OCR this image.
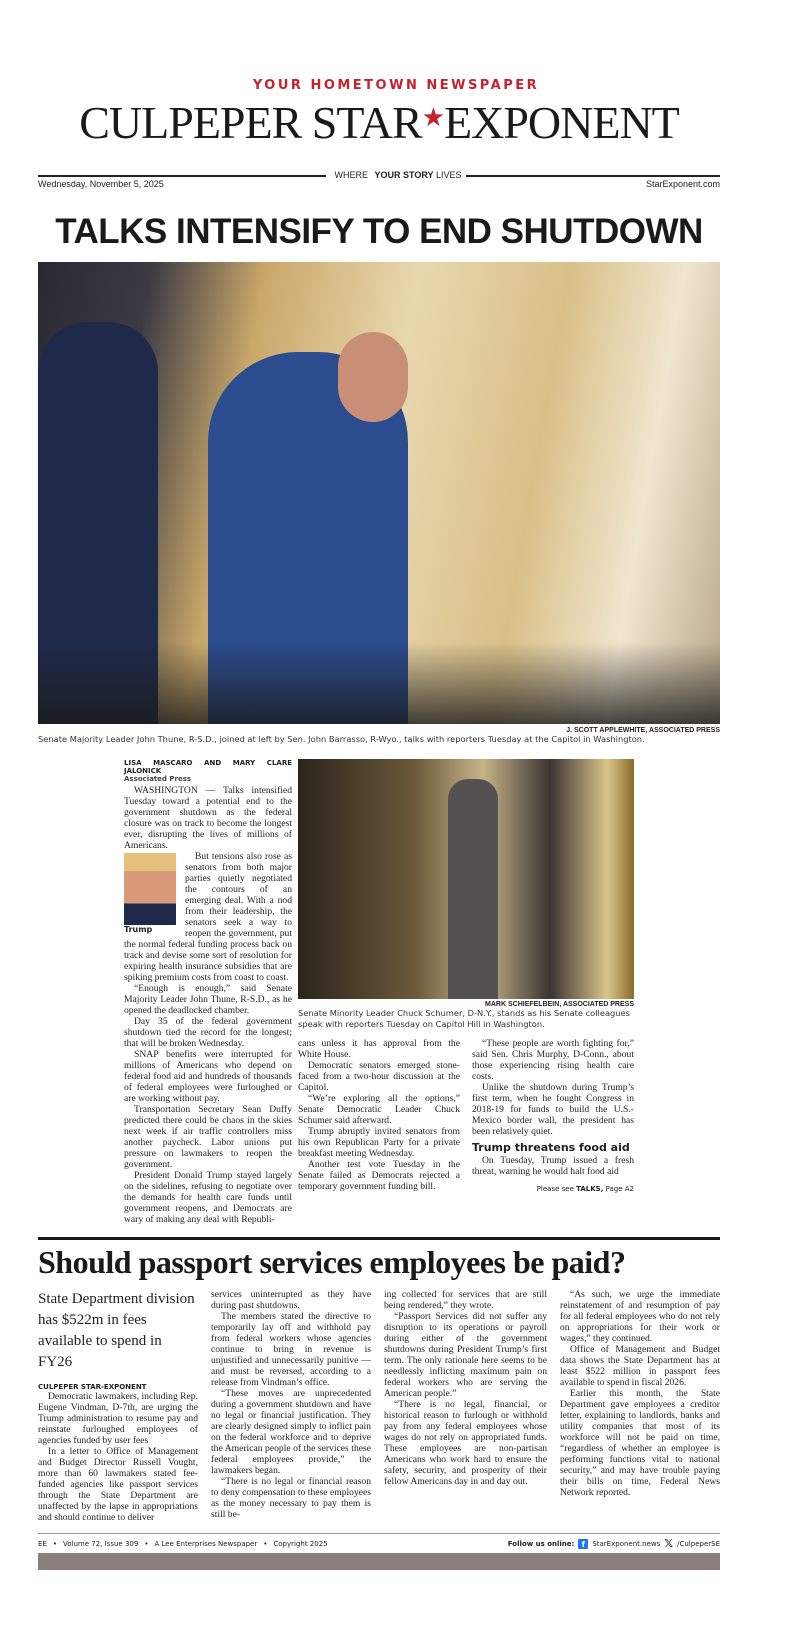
YOUR HOMETOWN NEWSPAPER
CULPEPER STAR★EXPONENT
WHERE YOUR STORY LIVES
Wednesday, November 5, 2025	StarExponent.com
TALKS INTENSIFY TO END SHUTDOWN
J. SCOTT APPLEWHITE, ASSOCIATED PRESS
Senate Majority Leader John Thune, R-S.D., joined at left by Sen. John Barrasso, R-Wyo., talks with reporters Tuesday at the Capitol in Washington.
LISA MASCARO AND MARY CLARE JALONICK
Associated Press

WASHINGTON — Talks intensified Tuesday toward a potential end to the government shutdown as the federal closure was on track to become the longest ever, disrupting the lives of millions of Americans.

Trump

But tensions also rose as senators from both major parties quietly negotiated the contours of an emerging deal. With a nod from their leadership, the senators seek a way to reopen the government, put the normal federal funding process back on track and devise some sort of resolution for expiring health insurance subsidies that are spiking premium costs from coast to coast.

“Enough is enough,” said Senate Majority Leader John Thune, R-S.D., as he opened the deadlocked chamber.

Day 35 of the federal government shutdown tied the record for the longest; that will be broken Wednesday.

SNAP benefits were interrupted for millions of Americans who depend on federal food aid and hundreds of thousands of federal employees were furloughed or are working without pay.

Transportation Secretary Sean Duffy predicted there could be chaos in the skies next week if air traffic controllers miss another paycheck. Labor unions put pressure on lawmakers to reopen the government.

President Donald Trump stayed largely on the sidelines, refusing to negotiate over the demands for health care funds until government reopens, and Democrats are wary of making any deal with Republi-

MARK SCHIEFELBEIN, ASSOCIATED PRESS
Senate Minority Leader Chuck Schumer, D-N.Y., stands as his Senate colleagues speak with reporters Tuesday on Capitol Hill in Washington.

cans unless it has approval from the White House.

Democratic senators emerged stone-faced from a two-hour discussion at the Capitol.

“We’re exploring all the options,” Senate Democratic Leader Chuck Schumer said afterward.

Trump abruptly invited senators from his own Republican Party for a private breakfast meeting Wednesday.

Another test vote Tuesday in the Senate failed as Democrats rejected a temporary government funding bill.

“These people are worth fighting for,” said Sen. Chris Murphy, D-Conn., about those experiencing rising health care costs.

Unlike the shutdown during Trump’s first term, when he fought Congress in 2018-19 for funds to build the U.S.-Mexico border wall, the president has been relatively quiet.

Trump threatens food aid

On Tuesday, Trump issued a fresh threat, warning he would halt food aid

Please see TALKS, Page A2
Should passport services employees be paid?
State Department division has $522m in fees available to spend in FY26
CULPEPER STAR-EXPONENT

Democratic lawmakers, including Rep. Eugene Vindman, D-7th, are urging the Trump administration to resume pay and reinstate furloughed employees of agencies funded by user fees

In a letter to Office of Management and Budget Director Russell Vought, more than 60 lawmakers stated fee-funded agencies like passport services through the State Department are unaffected by the lapse in appropriations and should continue to deliver

services uninterrupted as they have during past shutdowns.

The members stated the directive to temporarily lay off and withhold pay from federal workers whose agencies continue to bring in revenue is unjustified and unnecessarily punitive — and must be reversed, according to a release from Vindman’s office.

“These moves are unprecedented during a government shutdown and have no legal or financial justification. They are clearly designed simply to inflict pain on the federal workforce and to deprive the American people of the services these federal employees provide,” the lawmakers began.

“There is no legal or financial reason to deny compensation to these employees as the money necessary to pay them is still be-

ing collected for services that are still being rendered,” they wrote.

“Passport Services did not suffer any disruption to its operations or payroll during either of the government shutdowns during President Trump’s first term. The only rationale here seems to be needlessly inflicting maximum pain on federal workers who are serving the American people.”

“There is no legal, financial, or historical reason to furlough or withhold pay from any federal employees whose wages do not rely on appropriated funds. These employees are non-partisan Americans who work hard to ensure the safety, security, and prosperity of their fellow Americans day in and day out.

“As such, we urge the immediate reinstatement of and resumption of pay for all federal employees who do not rely on appropriations for their work or wages,” they continued.

Office of Management and Budget data shows the State Department has at least $522 million in passport fees available to spend in fiscal 2026.

Earlier this month, the State Department gave employees a creditor letter, explaining to landlords, banks and utility companies that most of its workforce will not be paid on time, “regardless of whether an employee is performing functions vital to national security,” and may have trouble paying their bills on time, Federal News Network reported.

EE • Volume 72, Issue 309 • A Lee Enterprises Newspaper • Copyright 2025	Follow us online: f	StarExponent.news 𝕏 /CulpeperSE
